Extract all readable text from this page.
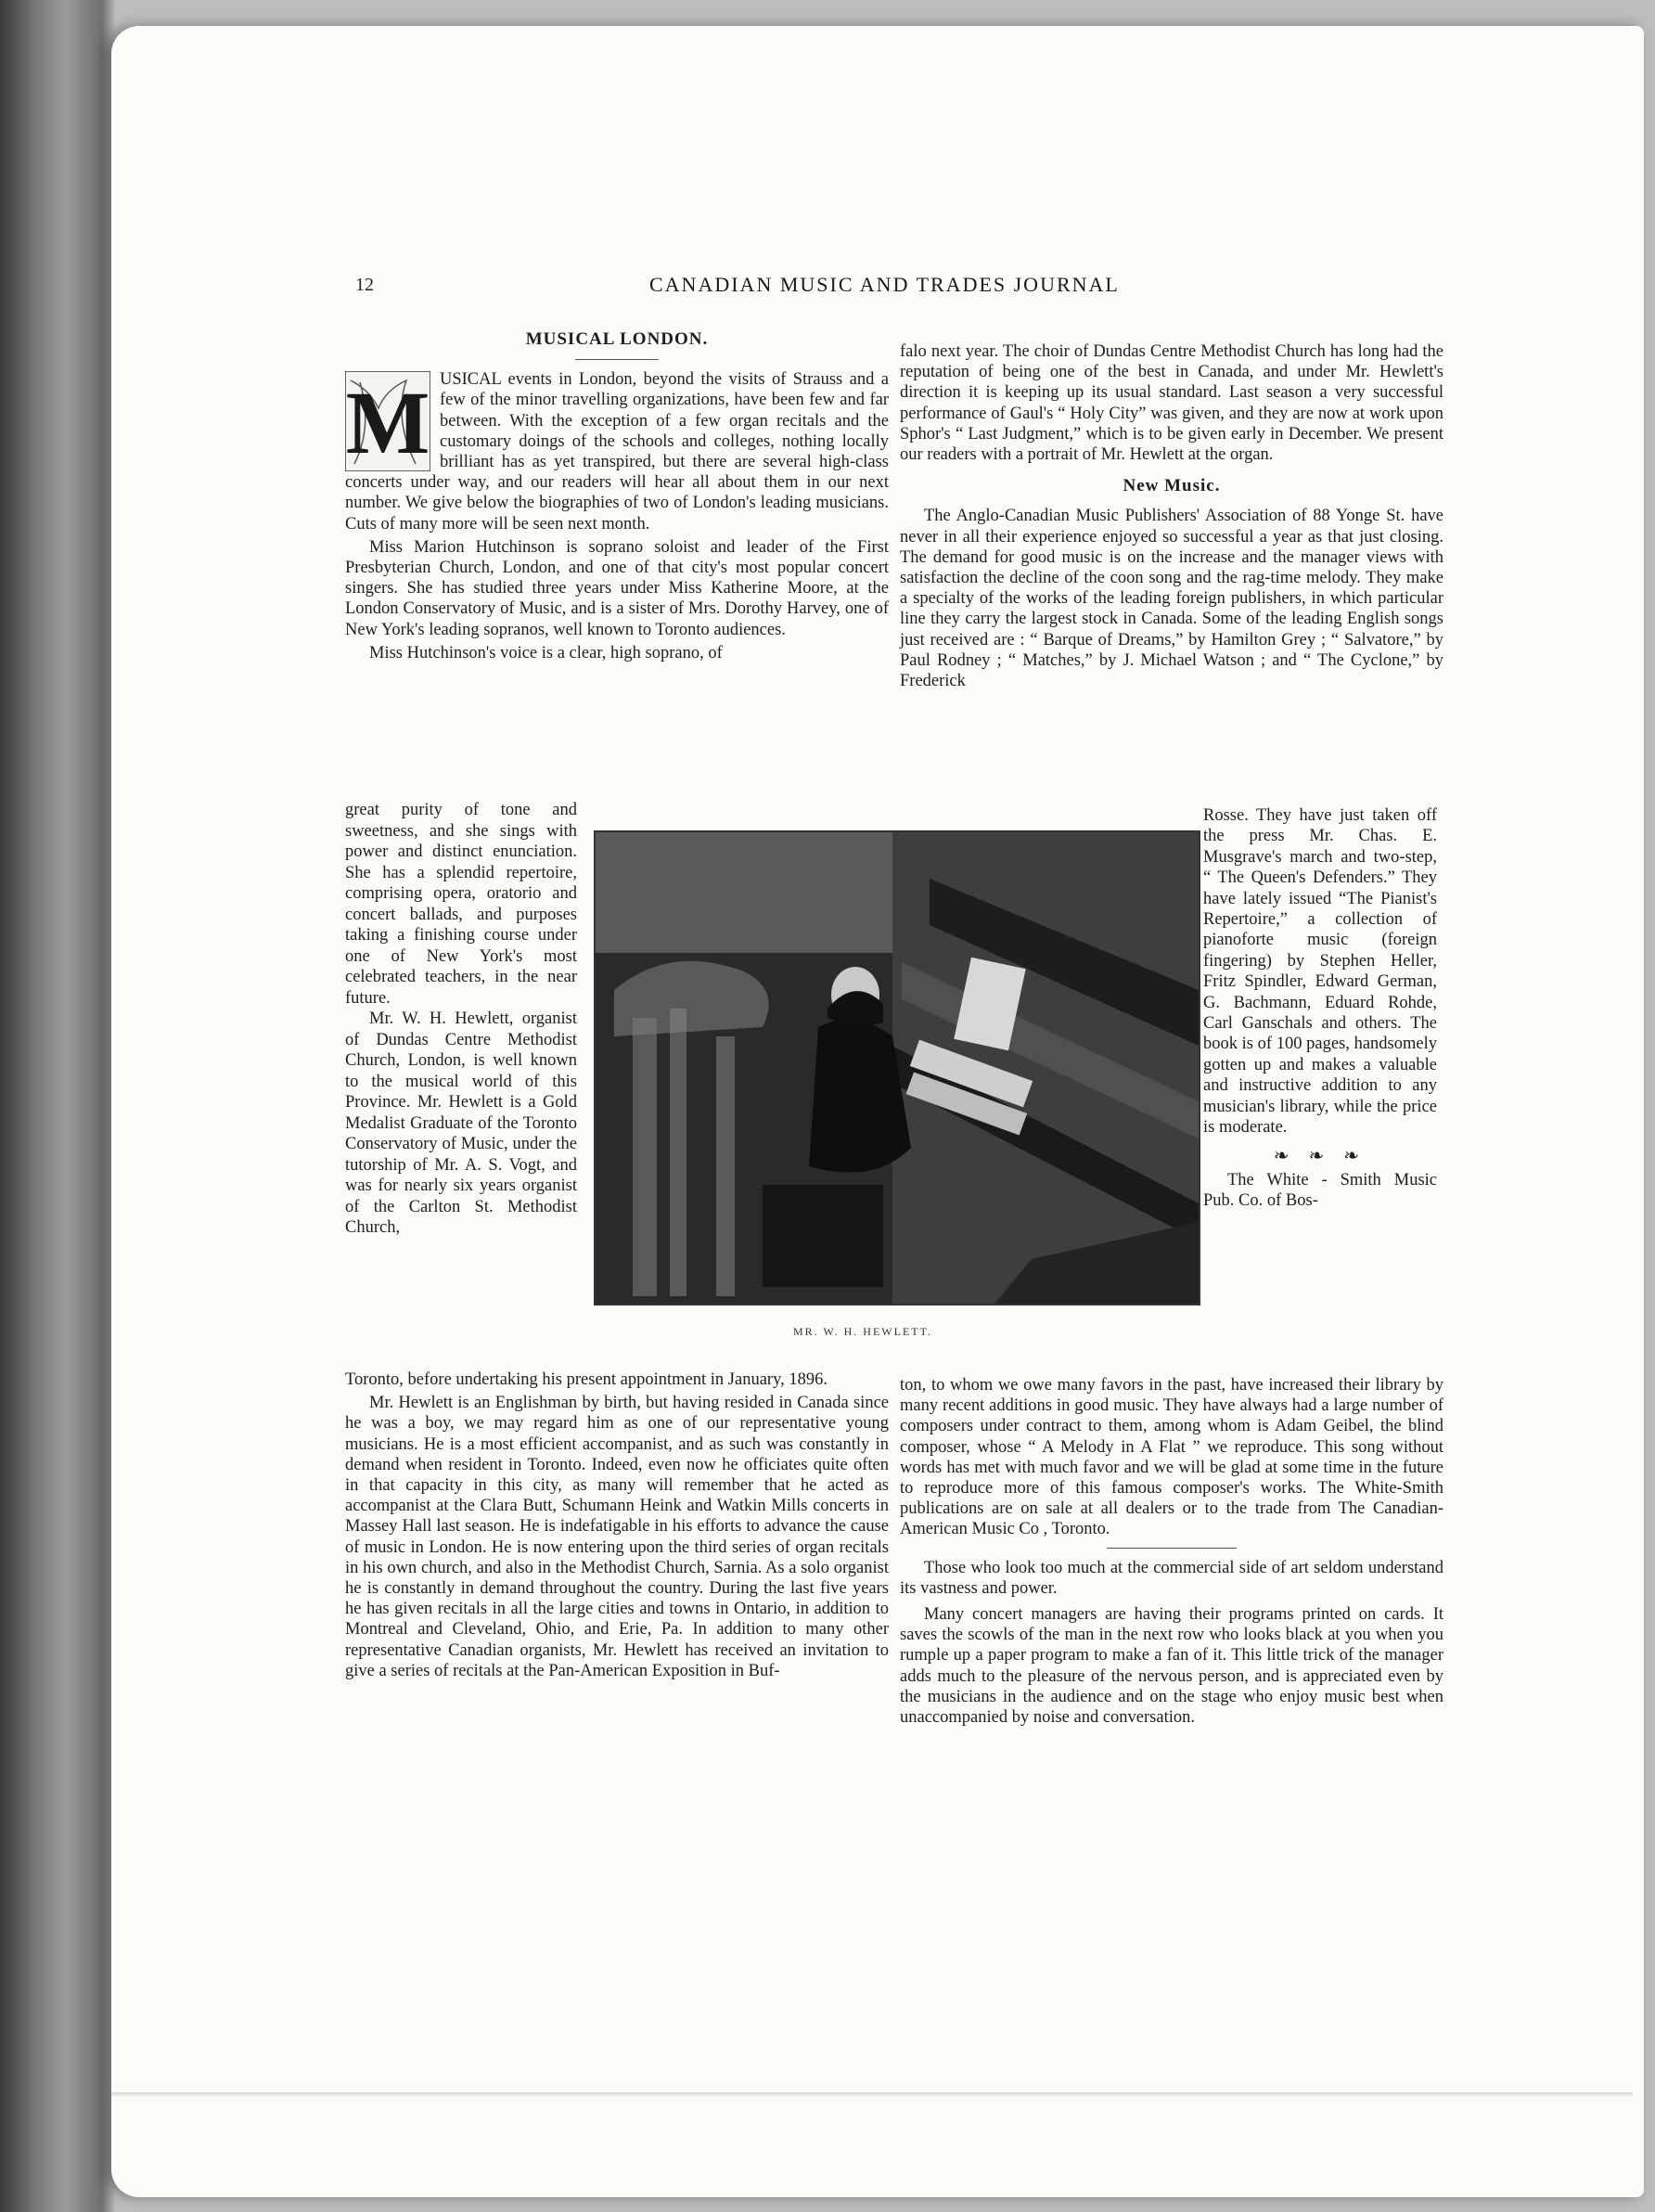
12	CANADIAN MUSIC AND TRADES JOURNAL
MUSICAL LONDON.

M USICAL events in London, beyond the visits of Strauss and a few of the minor travelling organizations, have been few and far between. With the exception of a few organ recitals and the customary doings of the schools and colleges, nothing locally brilliant has as yet transpired, but there are several high-class concerts under way, and our readers will hear all about them in our next number. We give below the biographies of two of London's leading musicians. Cuts of many more will be seen next month.

Miss Marion Hutchinson is soprano soloist and leader of the First Presbyterian Church, London, and one of that city's most popular concert singers. She has studied three years under Miss Katherine Moore, at the London Conservatory of Music, and is a sister of Mrs. Dorothy Harvey, one of New York's leading sopranos, well known to Toronto audiences.

Miss Hutchinson's voice is a clear, high soprano, of

great purity of tone and sweetness, and she sings with power and distinct enunciation. She has a splendid repertoire, comprising opera, oratorio and concert ballads, and purposes taking a finishing course under one of New York's most celebrated teachers, in the near future.

Mr. W. H. Hewlett, organist of Dundas Centre Methodist Church, London, is well known to the musical world of this Province. Mr. Hewlett is a Gold Medalist Graduate of the Toronto Conservatory of Music, under the tutorship of Mr. A. S. Vogt, and was for nearly six years organist of the Carlton St. Methodist Church,

Toronto, before undertaking his present appointment in January, 1896.

Mr. Hewlett is an Englishman by birth, but having resided in Canada since he was a boy, we may regard him as one of our representative young musicians. He is a most efficient accompanist, and as such was constantly in demand when resident in Toronto. Indeed, even now he officiates quite often in that capacity in this city, as many will remember that he acted as accompanist at the Clara Butt, Schumann Heink and Watkin Mills concerts in Massey Hall last season. He is indefatigable in his efforts to advance the cause of music in London. He is now entering upon the third series of organ recitals in his own church, and also in the Methodist Church, Sarnia. As a solo organist he is constantly in demand throughout the country. During the last five years he has given recitals in all the large cities and towns in Ontario, in addition to Montreal and Cleveland, Ohio, and Erie, Pa. In addition to many other representative Canadian organists, Mr. Hewlett has received an invitation to give a series of recitals at the Pan-American Exposition in Buf-

falo next year. The choir of Dundas Centre Methodist Church has long had the reputation of being one of the best in Canada, and under Mr. Hewlett's direction it is keeping up its usual standard. Last season a very successful performance of Gaul's “ Holy City” was given, and they are now at work upon Sphor's “ Last Judgment,” which is to be given early in December. We present our readers with a portrait of Mr. Hewlett at the organ.

New Music.

The Anglo-Canadian Music Publishers' Association of 88 Yonge St. have never in all their experience enjoyed so successful a year as that just closing. The demand for good music is on the increase and the manager views with satisfaction the decline of the coon song and the rag-time melody. They make a specialty of the works of the leading foreign publishers, in which particular line they carry the largest stock in Canada. Some of the leading English songs just received are : “ Barque of Dreams,” by Hamilton Grey ; “ Salvatore,” by Paul Rodney ; “ Matches,” by J. Michael Watson ; and “ The Cyclone,” by Frederick

Rosse. They have just taken off the press Mr. Chas. E. Musgrave's march and two-step, “ The Queen's Defenders.” They have lately issued “The Pianist's Repertoire,” a collection of pianoforte music (foreign fingering) by Stephen Heller, Fritz Spindler, Edward German, G. Bachmann, Eduard Rohde, Carl Ganschals and others. The book is of 100 pages, handsomely gotten up and makes a valuable and instructive addition to any musician's library, while the price is moderate.

❧ ❧ ❧

The White - Smith Music Pub. Co. of Bos-

ton, to whom we owe many favors in the past, have increased their library by many recent additions in good music. They have always had a large number of composers under contract to them, among whom is Adam Geibel, the blind composer, whose “ A Melody in A Flat ” we reproduce. This song without words has met with much favor and we will be glad at some time in the future to reproduce more of this famous composer's works. The White-Smith publications are on sale at all dealers or to the trade from The Canadian-American Music Co , Toronto.

Those who look too much at the commercial side of art seldom understand its vastness and power.

Many concert managers are having their programs printed on cards. It saves the scowls of the man in the next row who looks black at you when you rumple up a paper program to make a fan of it. This little trick of the manager adds much to the pleasure of the nervous person, and is appreciated even by the musicians in the audience and on the stage who enjoy music best when unaccompanied by noise and conversation.

MR. W. H. HEWLETT.
